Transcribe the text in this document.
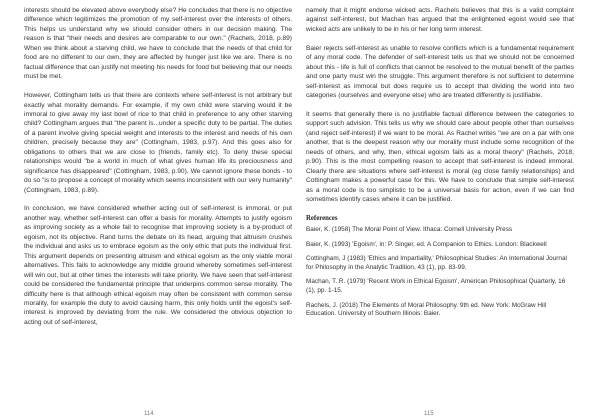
interests should be elevated above everybody else? He concludes that there is no objective difference which legitimizes the promotion of my self-interest over the interests of others. This helps us understand why we should consider others in our decision making. The reason is that "their needs and desires are comparable to our own." (Rachels, 2018, p.89) When we think about a starving child, we have to conclude that the needs of that child for food are no different to our own, they are affected by hunger just like we are. There is no factual difference that can justify not meeting his needs for food but believing that our needs must be met.

However, Cottingham tells us that there are contexts where self-interest is not arbitrary but exactly what morality demands. For example, if my own child were starving would it be immoral to give away my last bowl of rice to that child in preference to any other starving child? Cottingham argues that "the parent is...under a specific duty to be partial. The duties of a parent involve giving special weight and interests to the interest and needs of his own children, precisely because they are" (Cottingham, 1983, p.97). And this goes also for obligations to others that we are close to (friends, family etc). To deny these special relationships would "be a world in much of what gives human life its preciousness and significance has disappeared" (Cottingham, 1983, p.90). We cannot ignore these bonds - to do so "is to propose a concept of morality which seems inconsistent with our very humanity" (Cottingham, 1983, p.89).

In conclusion, we have considered whether acting out of self-interest is immoral, or put another way, whether self-interest can offer a basis for morality. Attempts to justify egoism as improving society as a whole fail to recognise that improving society is a by-product of egoism, not its objective. Rand turns the debate on its head, arguing that altruism crushes the individual and asks us to embrace egoism as the only ethic that puts the individual first. This argument depends on presenting altruism and ethical egoism as the only viable moral alternatives. This fails to acknowledge any middle ground whereby sometimes self-interest will win out, but at other times the interests will take priority. We have seen that self-interest could be considered the fundamental principle that underpins common sense morality. The difficulty here is that although ethical egoism may often be consistent with common sense morality, for example the duty to avoid causing harm, this only holds until the egoist's self-interest is improved by deviating from the rule. We considered the obvious objection to acting out of self-interest,

114

namely that it might endorse wicked acts. Rachels believes that this is a valid complaint against self-interest, but Machan has argued that the enlightened egoist would see that wicked acts are unlikely to be in his or her long term interest.

Baier rejects self-interest as unable to resolve conflicts which is a fundamental requirement of any moral code. The defender of self-interest tells us that we should not be concerned about this - life is full of conflicts that cannot be resolved to the mutual benefit of the parties and one party must win the struggle. This argument therefore is not sufficient to determine self-interest as immoral but does require us to accept that dividing the world into two categories (ourselves and everyone else) who are treated differently is justifiable.

It seems that generally there is no justifiable factual difference between the categories to support such advision. This tells us why we should care about people other than ourselves (and reject self-interest) if we want to be moral. As Rachel writes "we are on a par with one another, that is the deepest reason why our morality must include some recognition of the needs of others, and why, then, ethical egoism fails as a moral theory" (Rachels, 2018, p.90). This is the most compelling reason to accept that self-interest is indeed immoral. Clearly there are situations where self-interest is moral (eg close family relationships) and Cottingham makes a powerful case for this. We have to conclude that simple self-interest as a moral code is too simplistic to be a universal basis for action, even if we can find sometimes identify cases where it can be justified.

References

Baier, K. (1958) The Moral Point of View. Ithaca: Cornell University Press

Baier, K. (1993) 'Egoism', in: P. Singer, ed. A Companion to Ethics. London: Blackwell

Cottingham, J (1983) 'Ethics and Impartiality,' Philosophical Studies: An International Journal for Philosophy in the Analytic Tradition, 43 (1), pp. 83-99.

Machan, T. R. (1979) 'Recent Work in Ethical Egoism', American Philosophical Quarterly, 16 (1), pp. 1-15.

Rachels, J. (2018) The Elements of Moral Philosophy. 9th ed. New York: McGraw Hill Education. University of Southern Illinois: Baier.

115
